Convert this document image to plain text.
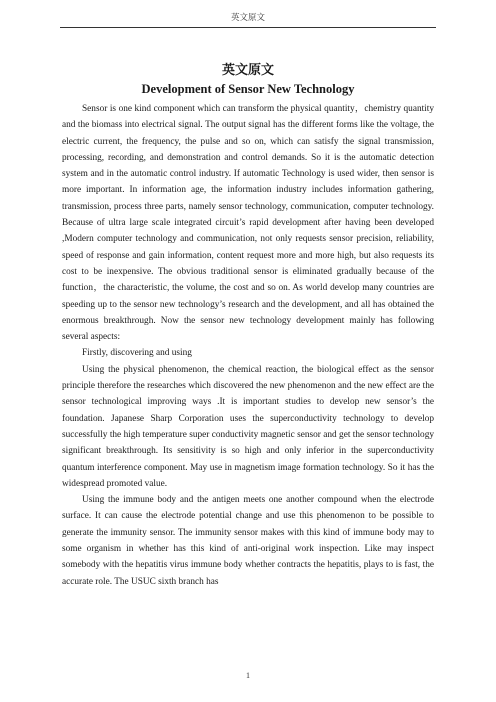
英文原文
英文原文
Development of Sensor New Technology

Sensor is one kind component which can transform the physical quantity，chemistry quantity and the biomass into electrical signal. The output signal has the different forms like the voltage, the electric current, the frequency, the pulse and so on, which can satisfy the signal transmission, processing, recording, and demonstration and control demands. So it is the automatic detection system and in the automatic control industry. If automatic Technology is used wider, then sensor is more important. In information age, the information industry includes information gathering, transmission, process three parts, namely sensor technology, communication, computer technology. Because of ultra large scale integrated circuit’s rapid development after having been developed ,Modern computer technology and communication, not only requests sensor precision, reliability, speed of response and gain information, content request more and more high, but also requests its cost to be inexpensive. The obvious traditional sensor is eliminated gradually because of the function，the characteristic, the volume, the cost and so on. As world develop many countries are speeding up to the sensor new technology’s research and the development, and all has obtained the enormous breakthrough. Now the sensor new technology development mainly has following several aspects:

Firstly, discovering and using

Using the physical phenomenon, the chemical reaction, the biological effect as the sensor principle therefore the researches which discovered the new phenomenon and the new effect are the sensor technological improving ways .It is important studies to develop new sensor’s the foundation. Japanese Sharp Corporation uses the superconductivity technology to develop successfully the high temperature super conductivity magnetic sensor and get the sensor technology significant breakthrough. Its sensitivity is so high and only inferior in the superconductivity quantum interference component. May use in magnetism image formation technology. So it has the widespread promoted value.

Using the immune body and the antigen meets one another compound when the electrode surface. It can cause the electrode potential change and use this phenomenon to be possible to generate the immunity sensor. The immunity sensor makes with this kind of immune body may to some organism in whether has this kind of anti-original work inspection. Like may inspect somebody with the hepatitis virus immune body whether contracts the hepatitis, plays to is fast, the accurate role. The USUC sixth branch has

1
